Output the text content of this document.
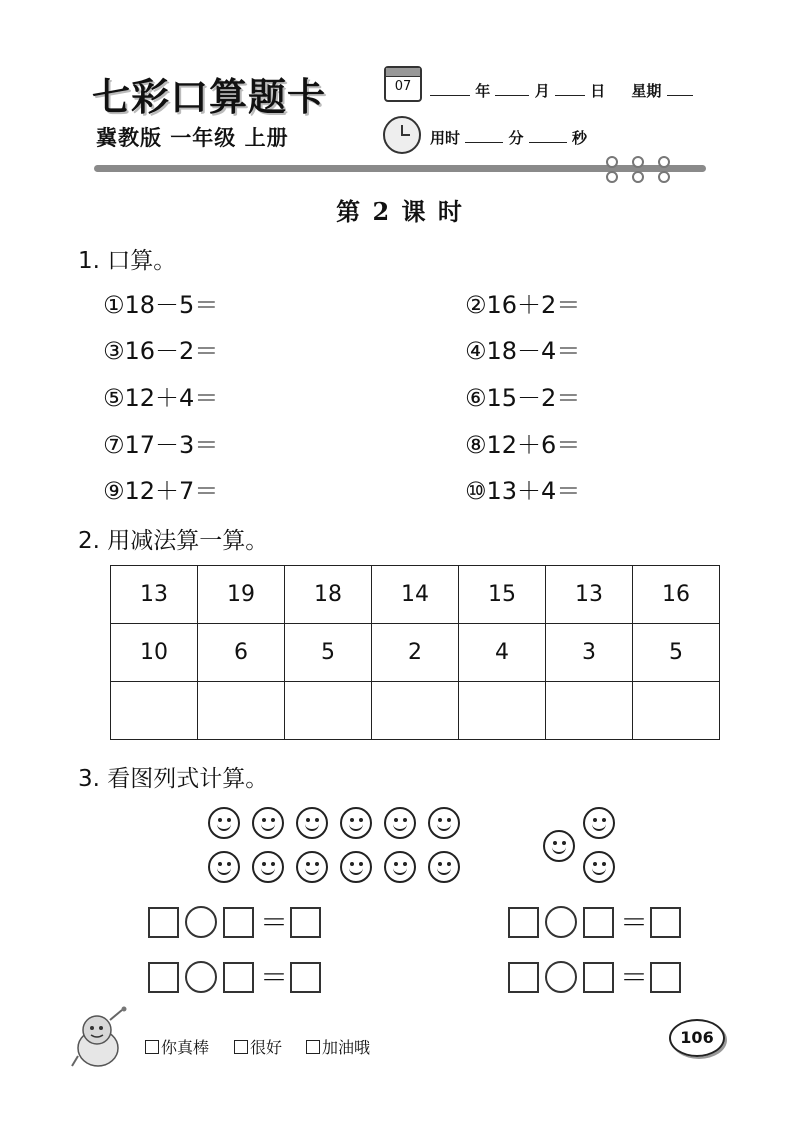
七彩口算题卡
冀教版 一年级 上册
07	年	月	日 星期
用时	分	秒
第 2 课 时
1. 口算。
①18－5＝	②16＋2＝
③16－2＝	④18－4＝
⑤12＋4＝	⑥15－2＝
⑦17－3＝	⑧12＋6＝
⑨12＋7＝	⑩13＋4＝
2. 用减法算一算。
13	19	18	14	15	13	16
10	6	5	2	4	3	5

3. 看图列式计算。
＝
＝
＝
＝
你真棒	很好	加油哦
106
